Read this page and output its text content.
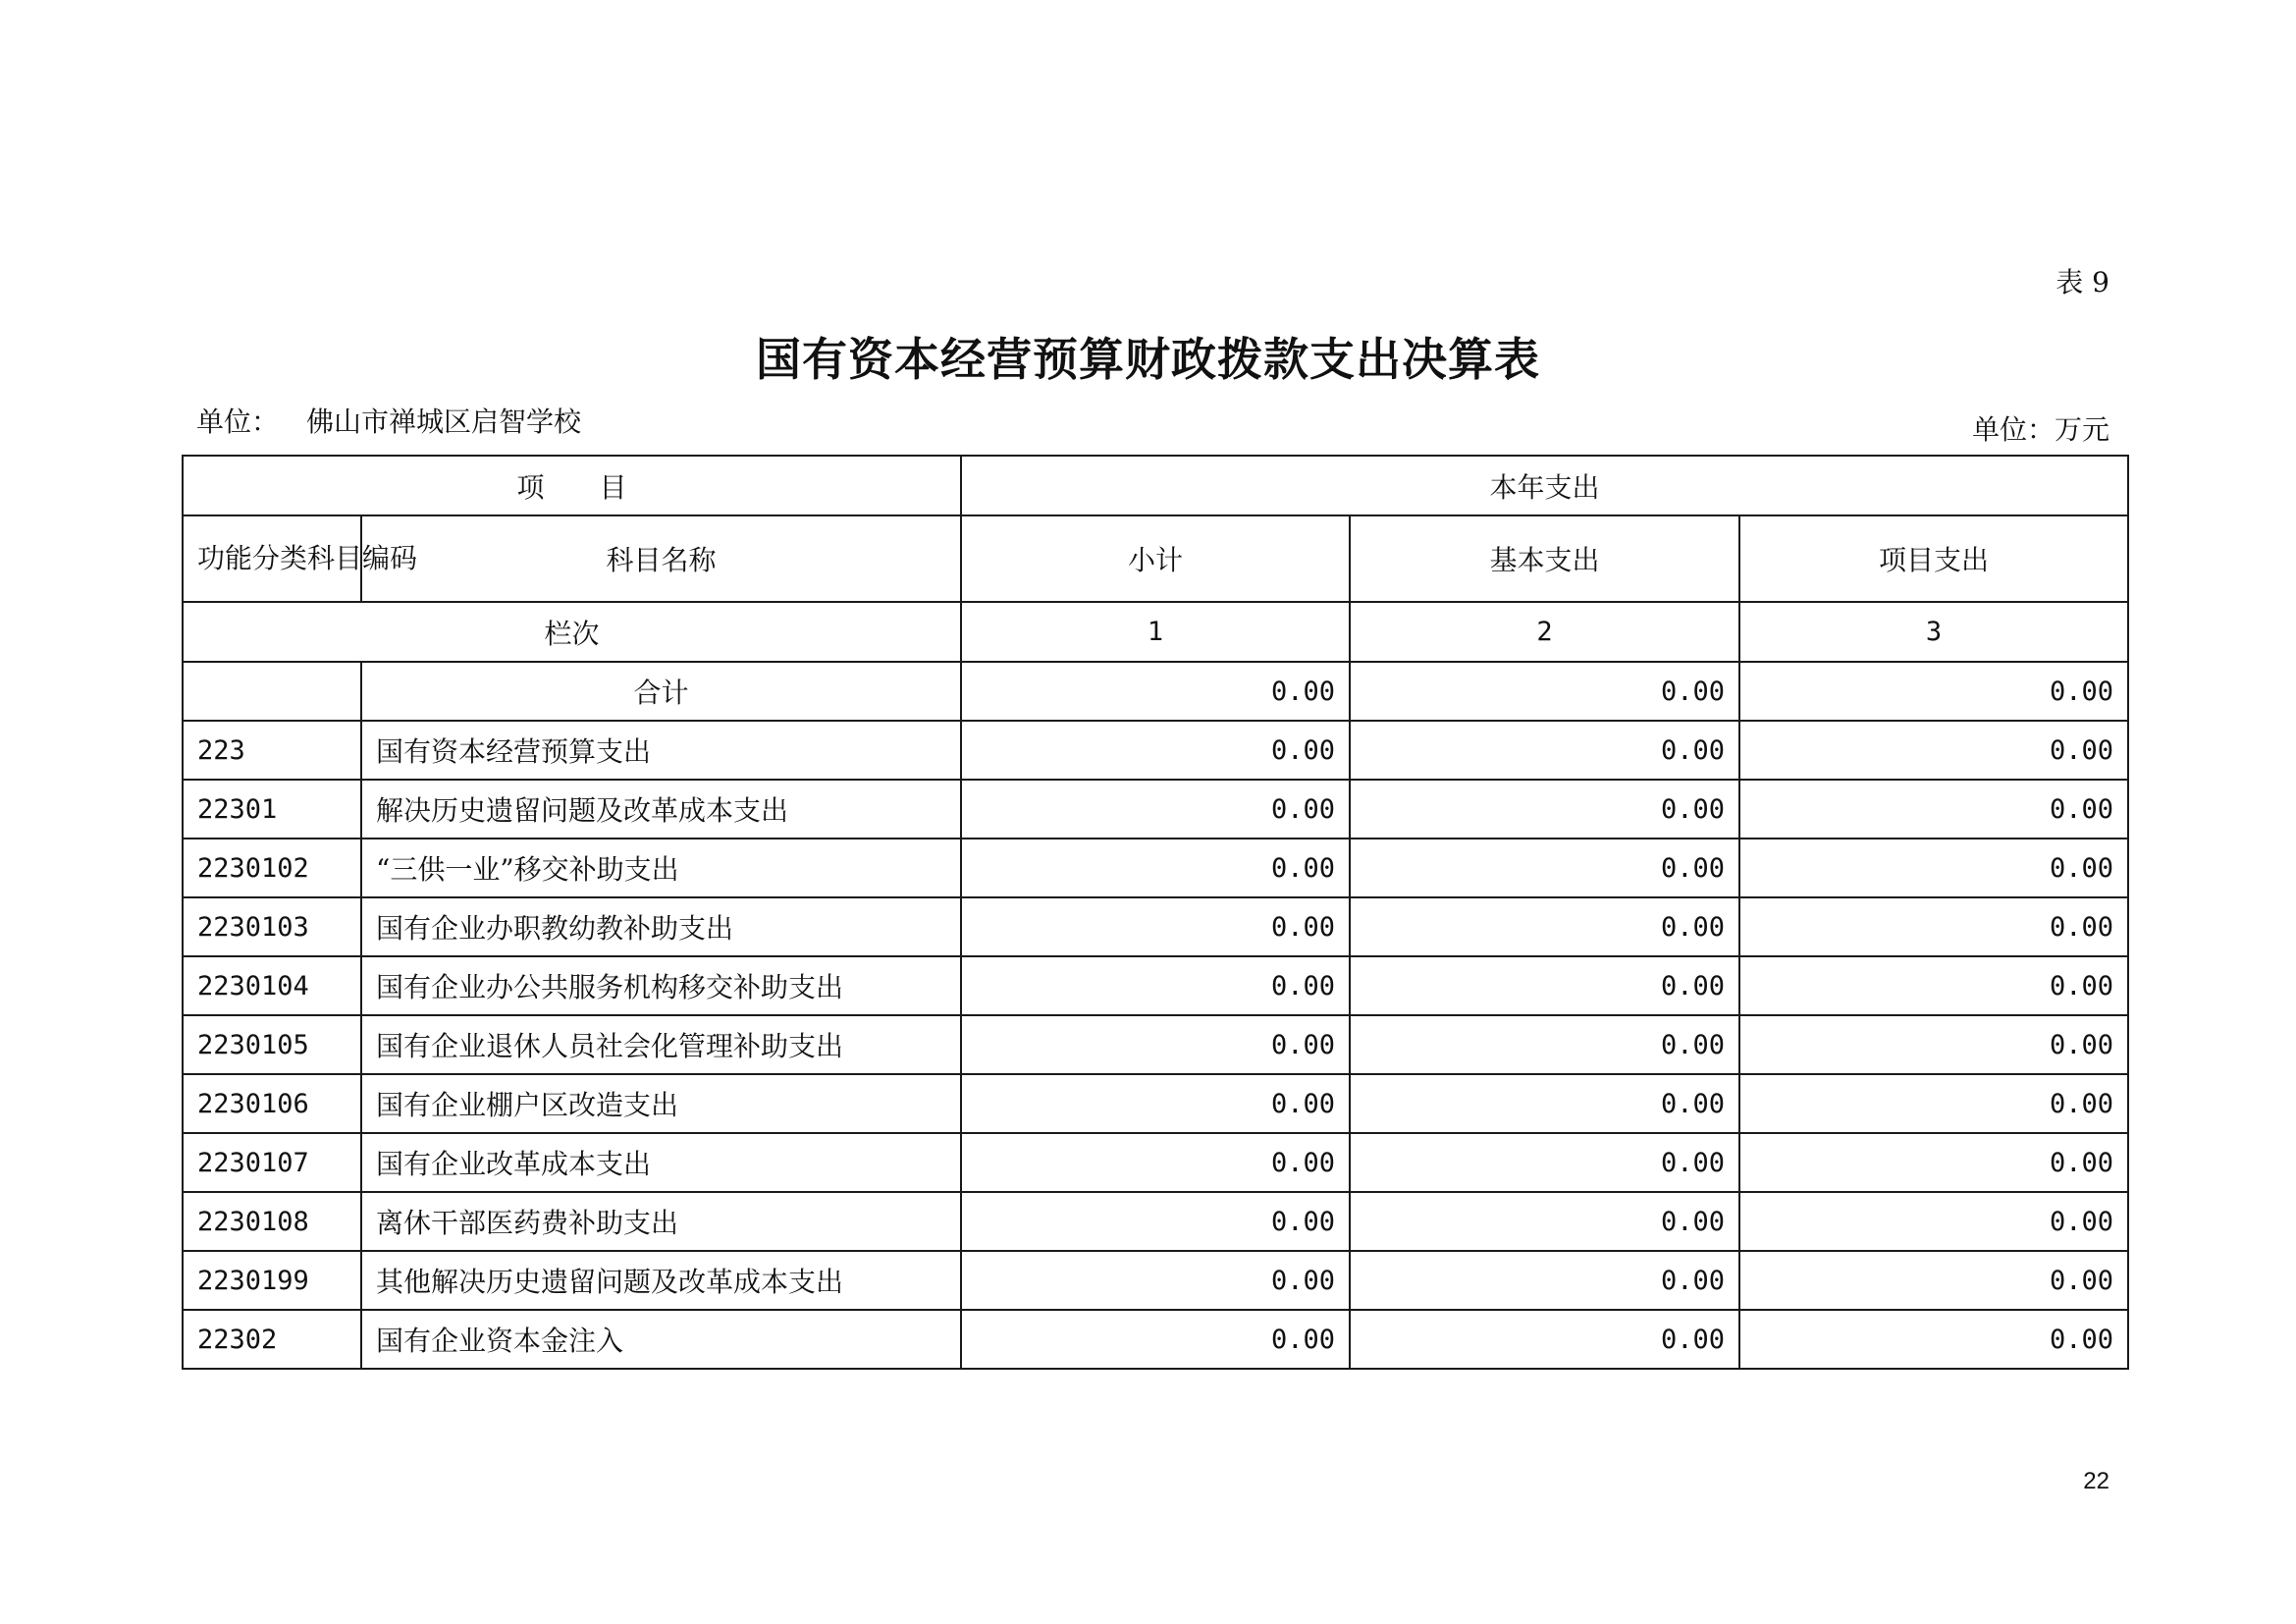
表 9
国有资本经营预算财政拨款支出决算表
单位： 佛山市禅城区启智学校	单位：万元
项　　目		本年支出		
功能分类科目编码	科目名称	小计	基本支出	项目支出
栏次		1	2	3
	合计	0.00	0.00	0.00
223	国有资本经营预算支出	0.00	0.00	0.00
22301	解决历史遗留问题及改革成本支出	0.00	0.00	0.00
2230102	“三供一业”移交补助支出	0.00	0.00	0.00
2230103	国有企业办职教幼教补助支出	0.00	0.00	0.00
2230104	国有企业办公共服务机构移交补助支出	0.00	0.00	0.00
2230105	国有企业退休人员社会化管理补助支出	0.00	0.00	0.00
2230106	国有企业棚户区改造支出	0.00	0.00	0.00
2230107	国有企业改革成本支出	0.00	0.00	0.00
2230108	离休干部医药费补助支出	0.00	0.00	0.00
2230199	其他解决历史遗留问题及改革成本支出	0.00	0.00	0.00
22302	国有企业资本金注入	0.00	0.00	0.00
22
